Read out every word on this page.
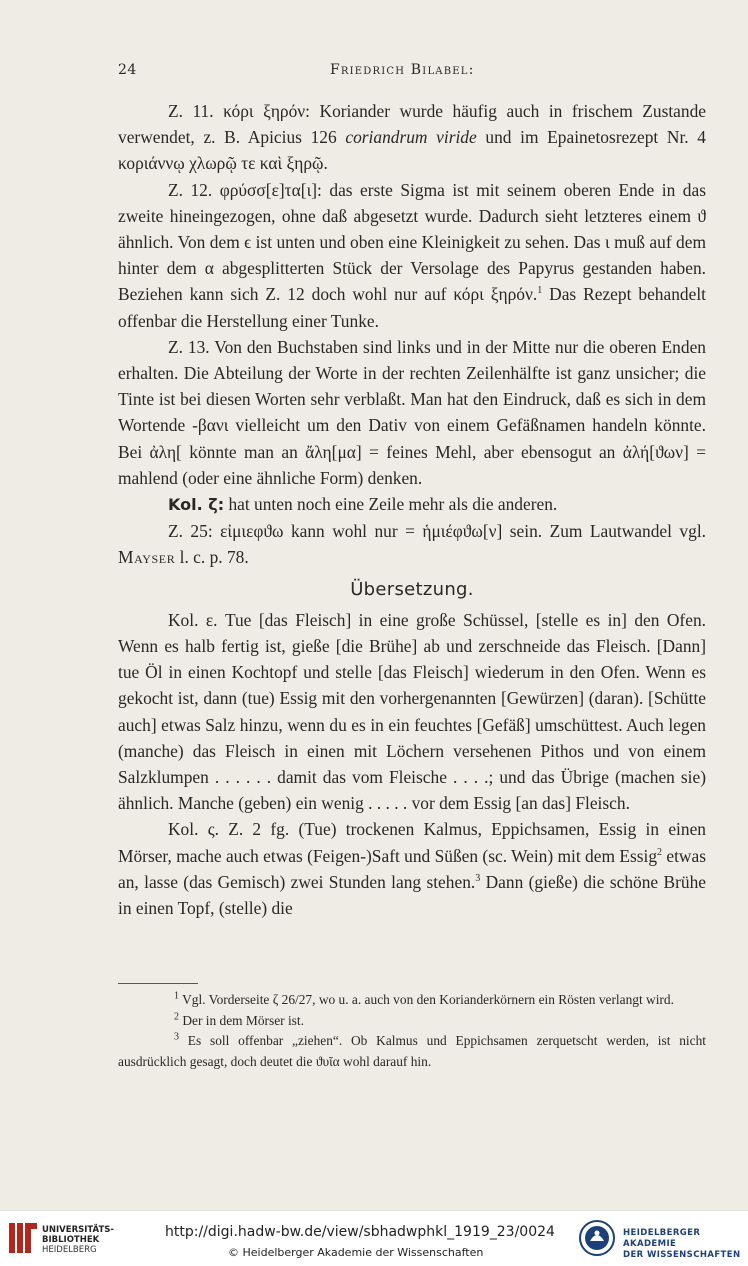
24	Friedrich Bilabel:

Z. 11. κόρι ξηρόν: Koriander wurde häufig auch in frischem Zustande verwendet, z. B. Apicius 126 coriandrum viride und im Epainetosrezept Nr. 4 κοριάννῳ χλωρῷ τε καὶ ξηρῷ.

Z. 12. φρύσσ[ε]τα[ι]: das erste Sigma ist mit seinem oberen Ende in das zweite hineingezogen, ohne daß abgesetzt wurde. Dadurch sieht letzteres einem ϑ ähnlich. Von dem ϵ ist unten und oben eine Kleinigkeit zu sehen. Das ι muß auf dem hinter dem α abgesplitterten Stück der Versolage des Papyrus gestanden haben. Beziehen kann sich Z. 12 doch wohl nur auf κόρι ξηρόν.$^1$ Das Rezept behandelt offenbar die Herstellung einer Tunke.

Z. 13. Von den Buchstaben sind links und in der Mitte nur die oberen Enden erhalten. Die Abteilung der Worte in der rechten Zeilenhälfte ist ganz unsicher; die Tinte ist bei diesen Worten sehr verblaßt. Man hat den Eindruck, daß es sich in dem Wortende -βανι vielleicht um den Dativ von einem Gefäßnamen handeln könnte. Bei ἀλη[ könnte man an ἄλη[μα] = feines Mehl, aber ebensogut an ἀλή[ϑων] = mahlend (oder eine ähnliche Form) denken.

Kol. ζ: hat unten noch eine Zeile mehr als die anderen.

Z. 25: εἰμιεφϑω kann wohl nur = ἡμιέφϑω[ν] sein. Zum Lautwandel vgl. Mayser l. c. p. 78.

Übersetzung.

Kol. ε. Tue [das Fleisch] in eine große Schüssel, [stelle es in] den Ofen. Wenn es halb fertig ist, gieße [die Brühe] ab und zerschneide das Fleisch. [Dann] tue Öl in einen Kochtopf und stelle [das Fleisch] wiederum in den Ofen. Wenn es gekocht ist, dann (tue) Essig mit den vorhergenannten [Gewürzen] (daran). [Schütte auch] etwas Salz hinzu, wenn du es in ein feuchtes [Gefäß] umschüttest. Auch legen (manche) das Fleisch in einen mit Löchern versehenen Pithos und von einem Salzklumpen . . . . . . damit das vom Fleische . . . .; und das Übrige (machen sie) ähnlich. Manche (geben) ein wenig . . . . . vor dem Essig [an das] Fleisch.

Kol. ς. Z. 2 fg. (Tue) trockenen Kalmus, Eppichsamen, Essig in einen Mörser, mache auch etwas (Feigen-)Saft und Süßen (sc. Wein) mit dem Essig$^2$ etwas an, lasse (das Gemisch) zwei Stunden lang stehen.$^3$ Dann (gieße) die schöne Brühe in einen Topf, (stelle) die

$^1$ Vgl. Vorderseite ζ 26/27, wo u. a. auch von den Korianderkörnern ein Rösten verlangt wird.

$^2$ Der in dem Mörser ist.

$^3$ Es soll offenbar „ziehen“. Ob Kalmus und Eppichsamen zerquetscht werden, ist nicht ausdrücklich gesagt, doch deutet die ϑυῖα wohl darauf hin.

UNIVERSITÄTS-
BIBLIOTHEK
HEIDELBERG
http://digi.hadw-bw.de/view/sbhadwphkl_1919_23/0024
© Heidelberger Akademie der Wissenschaften
HEIDELBERGER AKADEMIE
DER WISSENSCHAFTEN
